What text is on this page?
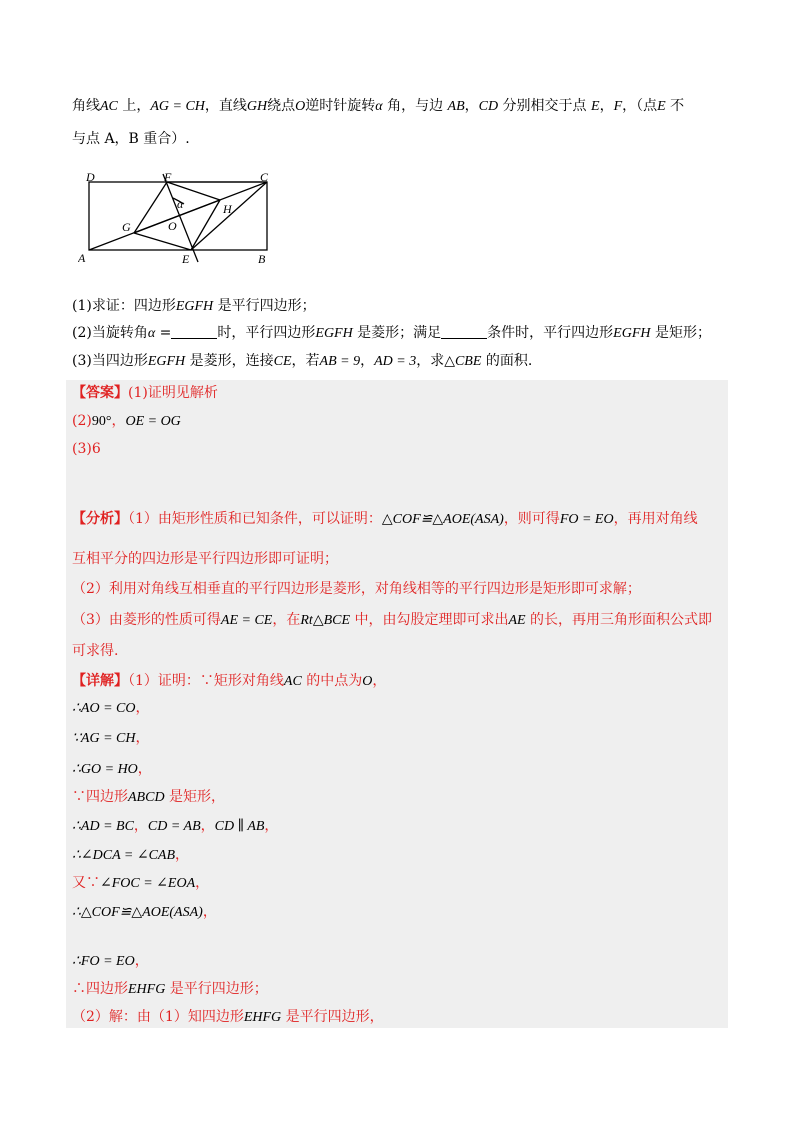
角线AC 上，AG = CH，直线GH绕点O逆时针旋转α 角，与边 AB，CD 分别相交于点 E，F，（点E 不
与点 A，B 重合）.
D	F	C
A	E	B
G	O
H
α
(1)求证：四边形EGFH 是平行四边形；
(2)当旋转角α =	时，平行四边形EGFH 是菱形；满足	条件时，平行四边形EGFH 是矩形；
(3)当四边形EGFH 是菱形，连接CE，若AB = 9，AD = 3，求△CBE 的面积.
【答案】(1)证明见解析
(2)90°，OE = OG
(3)6
【分析】（1）由矩形性质和已知条件，可以证明：△COF≌△AOE(ASA)，则可得FO = EO，再用对角线
互相平分的四边形是平行四边形即可证明；
（2）利用对角线互相垂直的平行四边形是菱形，对角线相等的平行四边形是矩形即可求解；
（3）由菱形的性质可得AE = CE，在Rt△BCE 中，由勾股定理即可求出AE 的长，再用三角形面积公式即
可求得.
【详解】（1）证明：∵矩形对角线AC 的中点为O，
∴AO = CO，
∵AG = CH，
∴GO = HO，
∵四边形ABCD 是矩形，
∴AD = BC，CD = AB，CD ∥ AB，
∴∠DCA = ∠CAB，
又∵∠FOC = ∠EOA，
∴△COF≌△AOE(ASA)，
∴FO = EO，
∴四边形EHFG 是平行四边形；
（2）解：由（1）知四边形EHFG 是平行四边形，
